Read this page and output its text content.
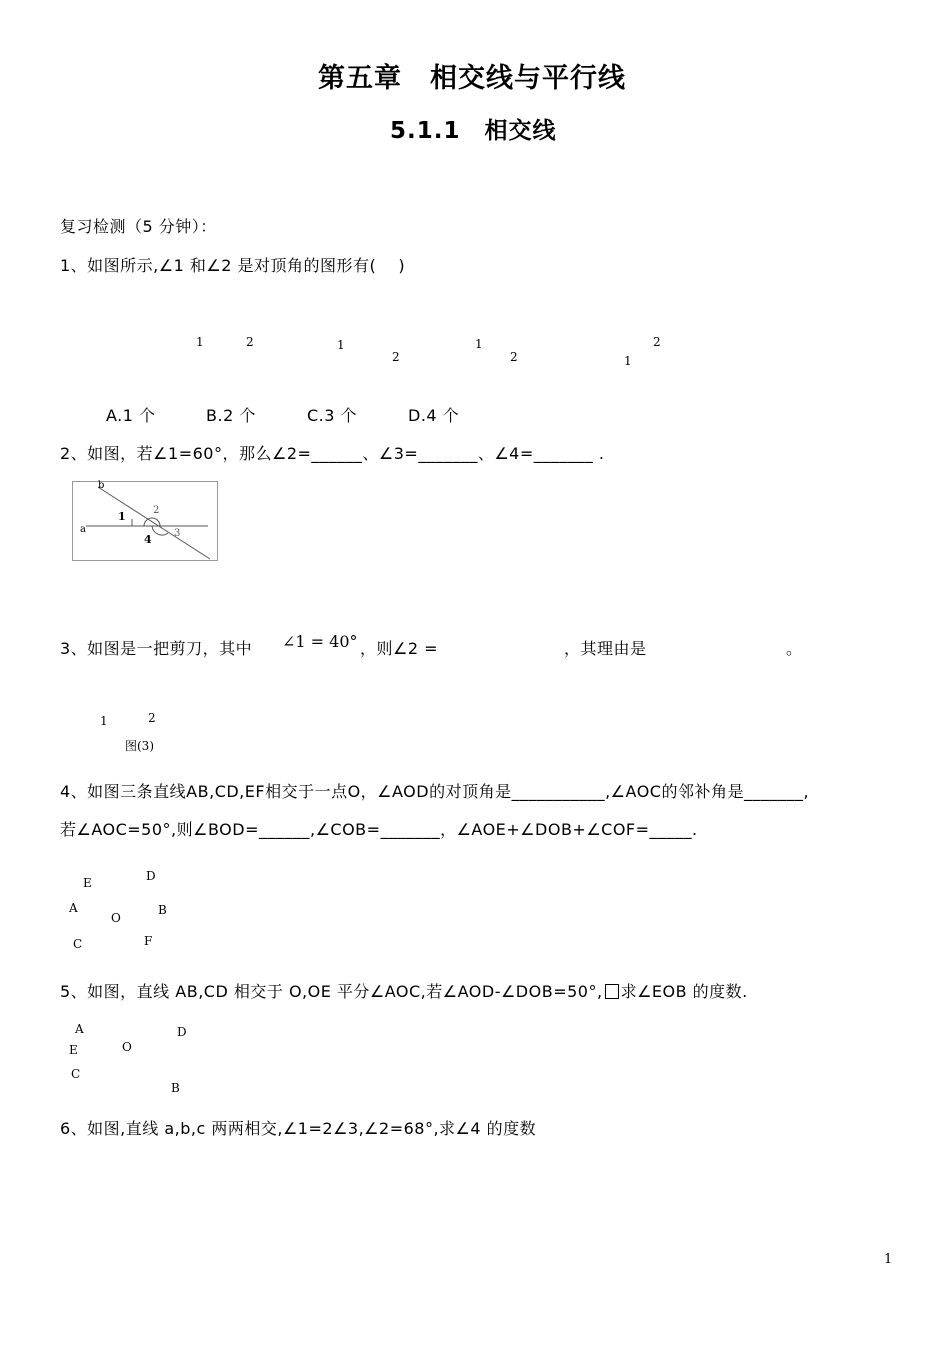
第五章　相交线与平行线
5.1.1　相交线
复习检测（5 分钟）：
1、如图所示,∠1 和∠2 是对顶角的图形有(　 )
1	2	1
2
1
2
2
1
A.1 个	B.2 个	C.3 个	D.4 个
2、如图，若∠1=60°，那么∠2=______、∠3=_______、∠4=_______ .
b
a
1	2
3
4
3、如图是一把剪刀，其中 ∠1 = 40° ，则∠2 =	，其理由是	。
1	2
图(3)
4、如图三条直线AB,CD,EF相交于一点O，∠AOD的对顶角是___________,∠AOC的邻补角是_______,
若∠AOC=50°,则∠BOD=______,∠COB=_______，∠AOE+∠DOB+∠COF=_____.
E	D
A
O
B
C	F
5、如图，直线 AB,CD 相交于 O,OE 平分∠AOC,若∠AOD-∠DOB=50°, 求∠EOB 的度数.
A	D
E	O
C
B
6、如图,直线 a,b,c 两两相交,∠1=2∠3,∠2=68°,求∠4 的度数
1
